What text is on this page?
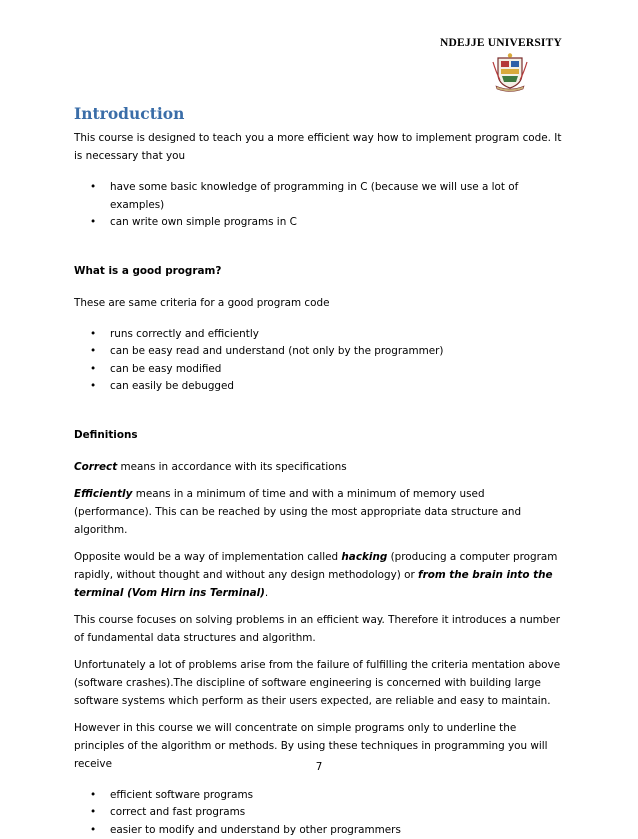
NDEJJE UNIVERSITY
Introduction

This course is designed to teach you a more efficient way how to implement program code. It is necessary that you

• have some basic knowledge of programming in C (because we will use a lot of examples)
• can write own simple programs in C
What is a good program?

These are same criteria for a good program code

• runs correctly and efficiently
• can be easy read and understand (not only by the programmer)
• can be easy modified
• can easily be debugged
Definitions

Correct means in accordance with its specifications

Efficiently means in a minimum of time and with a minimum of memory used (performance). This can be reached by using the most appropriate data structure and algorithm.

Opposite would be a way of implementation called hacking (producing a computer program rapidly, without thought and without any design methodology) or from the brain into the terminal (Vom Hirn ins Terminal).

This course focuses on solving problems in an efficient way. Therefore it introduces a number of fundamental data structures and algorithm.

Unfortunately a lot of problems arise from the failure of fulfilling the criteria mentation above (software crashes).The discipline of software engineering is concerned with building large software systems which perform as their users expected, are reliable and easy to maintain.

However in this course we will concentrate on simple programs only to underline the principles of the algorithm or methods. By using these techniques in programming you will receive

• efficient software programs
• correct and fast programs
• easier to modify and understand by other programmers
7
